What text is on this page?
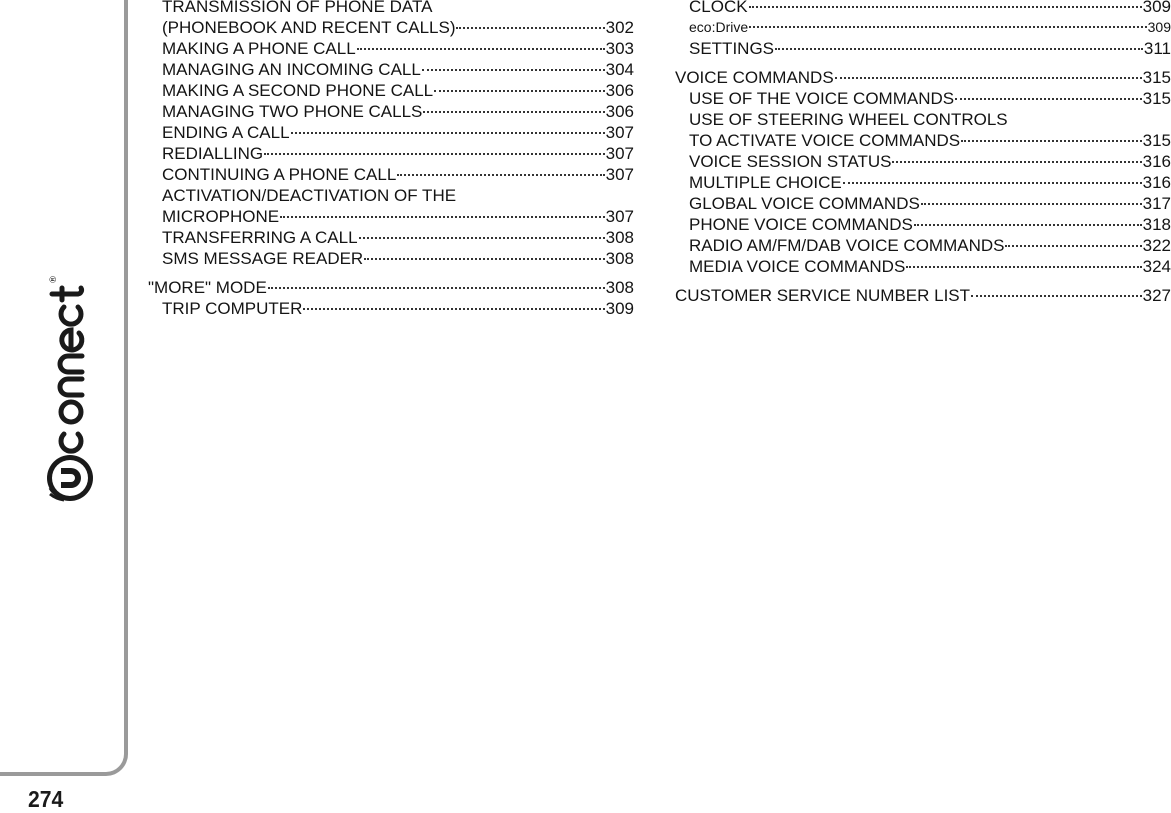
®
274
TRANSMISSION OF PHONE DATA
(PHONEBOOK AND RECENT CALLS)	302
MAKING A PHONE CALL	303
MANAGING AN INCOMING CALL	304
MAKING A SECOND PHONE CALL	306
MANAGING TWO PHONE CALLS	306
ENDING A CALL	307
REDIALLING	307
CONTINUING A PHONE CALL	307
ACTIVATION/DEACTIVATION OF THE
MICROPHONE	307
TRANSFERRING A CALL	308
SMS MESSAGE READER	308
"MORE" MODE	308
TRIP COMPUTER	309
CLOCK	309
eco:Drive	309
SETTINGS	311
VOICE COMMANDS	315
USE OF THE VOICE COMMANDS	315
USE OF STEERING WHEEL CONTROLS
TO ACTIVATE VOICE COMMANDS	315
VOICE SESSION STATUS	316
MULTIPLE CHOICE	316
GLOBAL VOICE COMMANDS	317
PHONE VOICE COMMANDS	318
RADIO AM/FM/DAB VOICE COMMANDS	322
MEDIA VOICE COMMANDS	324
CUSTOMER SERVICE NUMBER LIST	327
